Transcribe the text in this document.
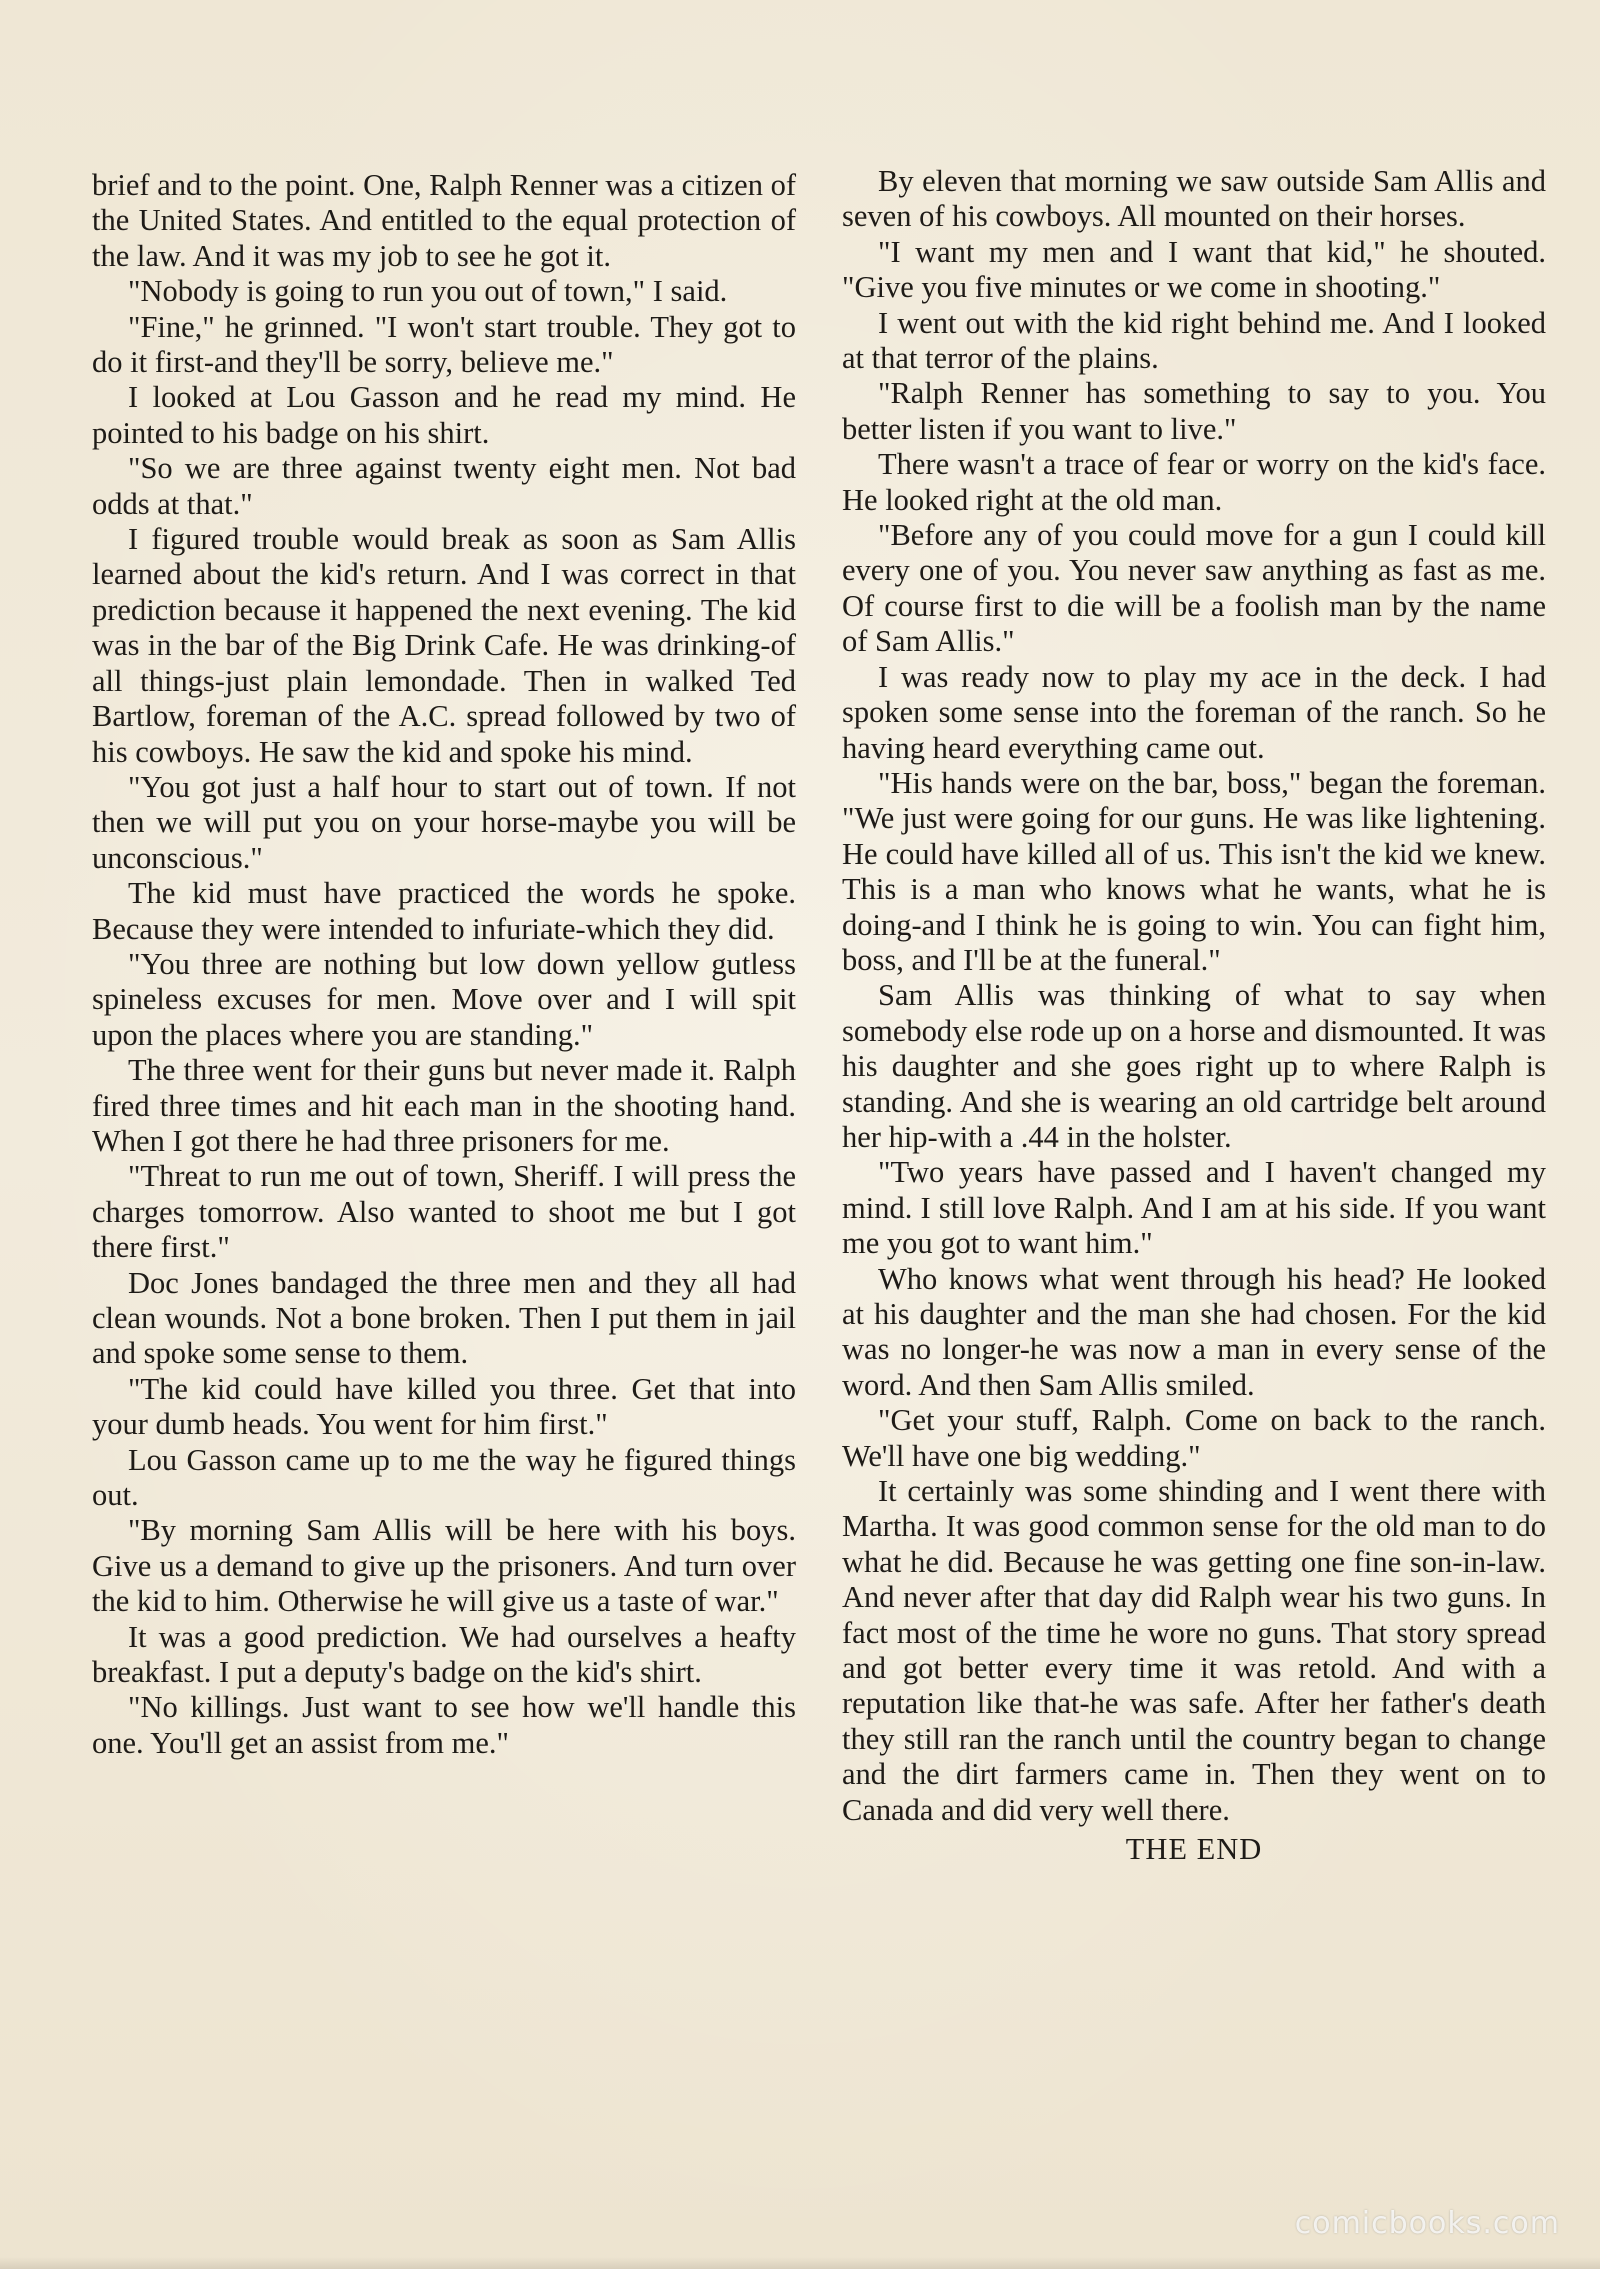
brief and to the point. One, Ralph Renner was a citizen of the United States. And entitled to the equal protection of the law. And it was my job to see he got it.

"Nobody is going to run you out of town," I said.

"Fine," he grinned. "I won't start trouble. They got to do it first-and they'll be sorry, believe me."

I looked at Lou Gasson and he read my mind. He pointed to his badge on his shirt.

"So we are three against twenty eight men. Not bad odds at that."

I figured trouble would break as soon as Sam Allis learned about the kid's return. And I was correct in that prediction because it happened the next evening. The kid was in the bar of the Big Drink Cafe. He was drinking-of all things-just plain lemondade. Then in walked Ted Bartlow, foreman of the A.C. spread followed by two of his cowboys. He saw the kid and spoke his mind.

"You got just a half hour to start out of town. If not then we will put you on your horse-maybe you will be unconscious."

The kid must have practiced the words he spoke. Because they were intended to infuriate-which they did.

"You three are nothing but low down yellow gutless spineless excuses for men. Move over and I will spit upon the places where you are standing."

The three went for their guns but never made it. Ralph fired three times and hit each man in the shooting hand. When I got there he had three prisoners for me.

"Threat to run me out of town, Sheriff. I will press the charges tomorrow. Also wanted to shoot me but I got there first."

Doc Jones bandaged the three men and they all had clean wounds. Not a bone broken. Then I put them in jail and spoke some sense to them.

"The kid could have killed you three. Get that into your dumb heads. You went for him first."

Lou Gasson came up to me the way he figured things out.

"By morning Sam Allis will be here with his boys. Give us a demand to give up the prisoners. And turn over the kid to him. Otherwise he will give us a taste of war."

It was a good prediction. We had ourselves a heafty breakfast. I put a deputy's badge on the kid's shirt.

"No killings. Just want to see how we'll handle this one. You'll get an assist from me."

By eleven that morning we saw outside Sam Allis and seven of his cowboys. All mounted on their horses.

"I want my men and I want that kid," he shouted. "Give you five minutes or we come in shooting."

I went out with the kid right behind me. And I looked at that terror of the plains.

"Ralph Renner has something to say to you. You better listen if you want to live."

There wasn't a trace of fear or worry on the kid's face. He looked right at the old man.

"Before any of you could move for a gun I could kill every one of you. You never saw anything as fast as me. Of course first to die will be a foolish man by the name of Sam Allis."

I was ready now to play my ace in the deck. I had spoken some sense into the foreman of the ranch. So he having heard everything came out.

"His hands were on the bar, boss," began the foreman. "We just were going for our guns. He was like lightening. He could have killed all of us. This isn't the kid we knew. This is a man who knows what he wants, what he is doing-and I think he is going to win. You can fight him, boss, and I'll be at the funeral."

Sam Allis was thinking of what to say when somebody else rode up on a horse and dismounted. It was his daughter and she goes right up to where Ralph is standing. And she is wearing an old cartridge belt around her hip-with a .44 in the holster.

"Two years have passed and I haven't changed my mind. I still love Ralph. And I am at his side. If you want me you got to want him."

Who knows what went through his head? He looked at his daughter and the man she had chosen. For the kid was no longer-he was now a man in every sense of the word. And then Sam Allis smiled.

"Get your stuff, Ralph. Come on back to the ranch. We'll have one big wedding."

It certainly was some shinding and I went there with Martha. It was good common sense for the old man to do what he did. Because he was getting one fine son-in-law. And never after that day did Ralph wear his two guns. In fact most of the time he wore no guns. That story spread and got better every time it was retold. And with a reputation like that-he was safe. After her father's death they still ran the ranch until the country began to change and the dirt farmers came in. Then they went on to Canada and did very well there.

THE END

comicbooks.com
